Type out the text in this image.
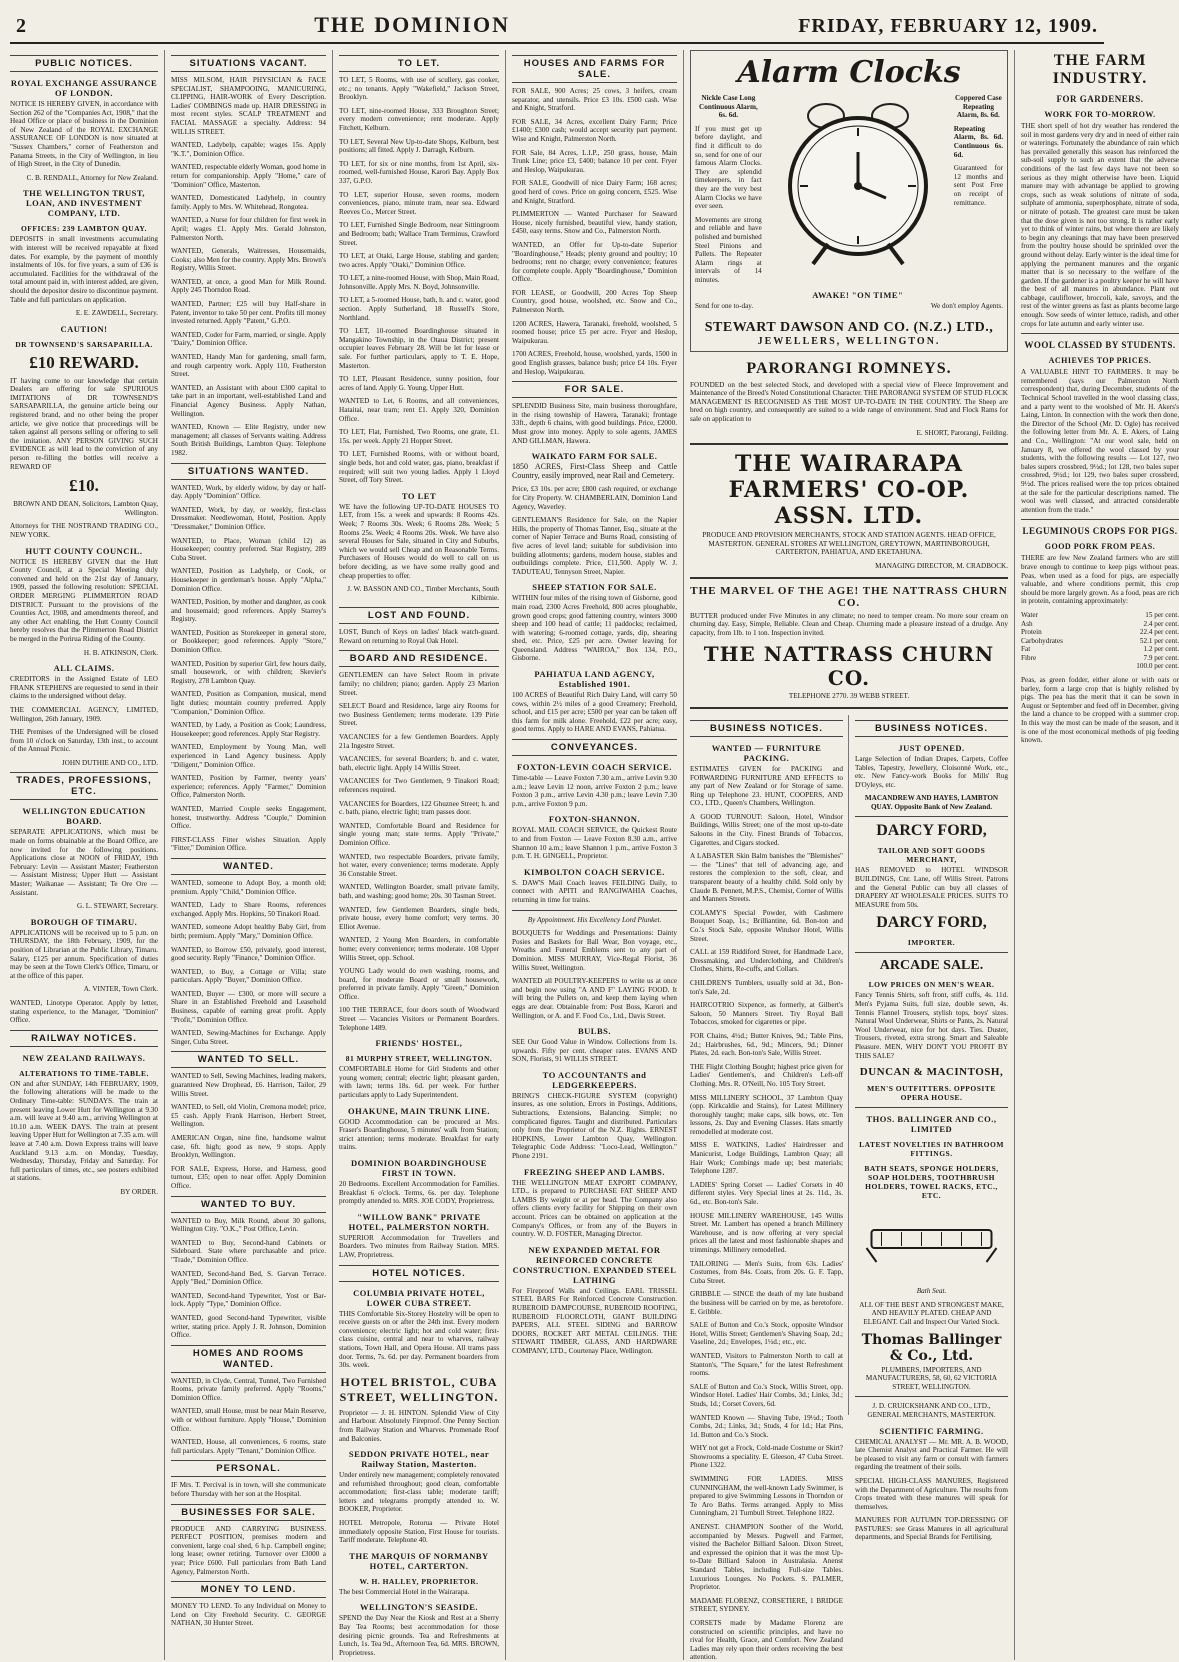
2	THE DOMINION	FRIDAY, FEBRUARY 12, 1909.
PUBLIC NOTICES.
ROYAL EXCHANGE ASSURANCE OF LONDON.

NOTICE IS HEREBY GIVEN, in accordance with Section 262 of the "Companies Act, 1908," that the Head Office or place of business in the Dominion of New Zealand of the ROYAL EXCHANGE ASSURANCE OF LONDON is now situated at "Sussex Chambers," corner of Featherston and Panama Streets, in the City of Wellington, in lieu of High Street, in the City of Dunedin.

C. B. RENDALL, Attorney for New Zealand.

THE WELLINGTON TRUST, LOAN, AND INVESTMENT COMPANY, LTD.
OFFICES: 239 LAMBTON QUAY.

DEPOSITS in small investments accumulating with interest will be received repayable at fixed dates. For example, by the payment of monthly instalments of 10s. for five years, a sum of £36 is accumulated. Facilities for the withdrawal of the total amount paid in, with interest added, are given, should the depositor desire to discontinue payment. Table and full particulars on application.

E. E. ZAWDELL, Secretary.

CAUTION!
DR TOWNSEND'S SARSAPARILLA.
£10 REWARD.

IT having come to our knowledge that certain Dealers are offering for sale SPURIOUS IMITATIONS of DR TOWNSEND'S SARSAPARILLA, the genuine article being our registered brand, and no other being the proper article, we give notice that proceedings will be taken against all persons selling or offering to sell the imitation. ANY PERSON GIVING SUCH EVIDENCE as will lead to the conviction of any person re-filling the bottles will receive a REWARD OF

£10.

BROWN AND DEAN, Solicitors, Lambton Quay, Wellington.

Attorneys for THE NOSTRAND TRADING CO., NEW YORK.

HUTT COUNTY COUNCIL.

NOTICE IS HEREBY GIVEN that the Hutt County Council, at a Special Meeting duly convened and held on the 21st day of January, 1909, passed the following resolution: SPECIAL ORDER MERGING PLIMMERTON ROAD DISTRICT. Pursuant to the provisions of the Counties Act, 1908, and amendments thereof, and any other Act enabling, the Hutt County Council hereby resolves that the Plimmerton Road District be merged in the Porirua Riding of the County.

H. B. ATKINSON, Clerk.

ALL CLAIMS.

CREDITORS in the Assigned Estate of LEO FRANK STEPHENS are requested to send in their claims to the undersigned without delay.

THE COMMERCIAL AGENCY, LIMITED, Wellington, 26th January, 1909.

THE Premises of the Undersigned will be closed from 10 o'clock on Saturday, 13th inst., to account of the Annual Picnic.

JOHN DUTHIE AND CO., LTD.

TRADES, PROFESSIONS, ETC.
WELLINGTON EDUCATION BOARD.

SEPARATE APPLICATIONS, which must be made on forms obtainable at the Board Office, are now invited for the following positions. Applications close at NOON of FRIDAY, 19th February: Levin — Assistant Master; Featherston — Assistant Mistress; Upper Hutt — Assistant Master; Waikanae — Assistant; Te Ore Ore — Assistant.

G. L. STEWART, Secretary.

BOROUGH OF TIMARU.

APPLICATIONS will be received up to 5 p.m. on THURSDAY, the 18th February, 1909, for the position of Librarian at the Public Library, Timaru. Salary, £125 per annum. Specification of duties may be seen at the Town Clerk's Office, Timaru, or at the office of this paper.

A. VINTER, Town Clerk.

WANTED, Linotype Operator. Apply by letter, stating experience, to the Manager, "Dominion" Office.

RAILWAY NOTICES.
NEW ZEALAND RAILWAYS.
ALTERATIONS TO TIME-TABLE.

ON and after SUNDAY, 14th FEBRUARY, 1909, the following alterations will be made to the Ordinary Time-table: SUNDAYS. The train at present leaving Lower Hutt for Wellington at 9.30 a.m. will leave at 9.40 a.m., arriving Wellington at 10.10 a.m. WEEK DAYS. The train at present leaving Upper Hutt for Wellington at 7.35 a.m. will leave at 7.40 a.m. Down Express trains will leave Auckland 9.13 a.m. on Monday, Tuesday, Wednesday, Thursday, Friday and Saturday. For full particulars of times, etc., see posters exhibited at stations.

BY ORDER.

SITUATIONS VACANT.

MISS MILSOM, HAIR PHYSICIAN & FACE SPECIALIST, SHAMPOOING, MANICURING, CLIPPING, HAIR-WORK of Every Description. Ladies' COMBINGS made up. HAIR DRESSING in most recent styles. SCALP TREATMENT and FACIAL MASSAGE a specialty. Address: 94 WILLIS STREET.

WANTED, Ladybelp, capable; wages 15s. Apply "K.T.", Dominion Office.

WANTED, respectable elderly Woman, good home in return for companionship. Apply "Home," care of "Dominion" Office, Masterton.

WANTED, Domesticated Ladyhelp, in country family. Apply to Mrs. W. Whitehead, Rongotea.

WANTED, a Nurse for four children for first week in April; wages £1. Apply Mrs. Gerald Johnston, Palmerston North.

WANTED, Generals, Waitresses, Housemaids, Cooks; also Men for the country. Apply Mrs. Brown's Registry, Willis Street.

WANTED, at once, a good Man for Milk Round. Apply 245 Thorndon Road.

WANTED, Partner; £25 will buy Half-share in Patent, inventor to take 50 per cent. Profits till money invested returned. Apply "Patent," G.P.O.

WANTED, Coder for Farm, married, or single. Apply "Dairy," Dominion Office.

WANTED, Handy Man for gardening, small farm, and rough carpentry work. Apply 110, Featherston Street.

WANTED, an Assistant with about £300 capital to take part in an important, well-established Land and Financial Agency Business. Apply Nathan, Wellington.

WANTED, Known — Elite Registry, under new management; all classes of Servants waiting. Address South British Buildings, Lambton Quay. Telephone 1982.

SITUATIONS WANTED.

WANTED, Work, by elderly widow, by day or half-day. Apply "Dominion" Office.

WANTED, Work, by day, or weekly, first-class Dressmaker. Needlewoman, Hotel, Position. Apply "Dressmaker," Dominion Office.

WANTED, to Place, Woman (child 12) as Housekeeper; country preferred. Star Registry, 289 Cuba Street.

WANTED, Position as Ladyhelp, or Cook, or Housekeeper in gentleman's house. Apply "Alpha," Dominion Office.

WANTED, Position, by mother and daughter, as cook and housemaid; good references. Apply Starrey's Registry.

WANTED, Position as Storekeeper in general store, or Bookkeeper; good references. Apply "Store," Dominion Office.

WANTED, Position by superior Girl, few hours daily, small housework, or with children; Skevier's Registry, 278 Lambton Quay.

WANTED, Position as Companion, musical, mend light duties; mountain country preferred. Apply "Companion," Dominion Office.

WANTED, by Lady, a Position as Cook; Laundress, Housekeeper; good references. Apply Star Registry.

WANTED, Employment by Young Man, well experienced in Land Agency business. Apply "Diligent," Dominion Office.

WANTED, Position by Farmer, twenty years' experience; references. Apply "Farmer," Dominion Office, Palmerston North.

WANTED, Married Couple seeks Engagement, honest, trustworthy. Address "Couple," Dominion Office.

FIRST-CLASS Fitter wishes Situation. Apply "Fitter," Dominion Office.

WANTED.

WANTED, someone to Adopt Boy, a month old; premium. Apply "Child," Dominion Office.

WANTED, Lady to Share Rooms, references exchanged. Apply Mrs. Hopkins, 50 Tinakori Road.

WANTED, someone Adopt healthy Baby Girl, from birth; premium. Apply "Mary," Dominion Office.

WANTED, to Borrow £50, privately, good interest, good security. Reply "Finance," Dominion Office.

WANTED, to Buy, a Cottage or Villa; state particulars. Apply "Buyer," Dominion Office.

WANTED, Buyer — £300, or more will secure a Share in an Established Freehold and Leasehold Business, capable of earning great profit. Apply "Profit," Dominion Office.

WANTED, Sewing-Machines for Exchange. Apply Singer, Cuba Street.

WANTED TO SELL.

WANTED to Sell, Sewing Machines, leading makers, guaranteed New Drophead, £6. Harrison, Tailor, 29 Willis Street.

WANTED, to Sell, old Violin, Cremona model; price, £5 cash. Apply Frank Harrison, Herbert Street, Wellington.

AMERICAN Organ, nine fine, handsome walnut case, 6ft. high; good as new, 9 stops. Apply Brooklyn, Wellington.

FOR SALE, Express, Horse, and Harness, good turnout, £35; open to near offer. Apply Dominion Office.

WANTED TO BUY.

WANTED to Buy, Milk Round, about 30 gallons, Wellington City. "O.K.," Post Office, Levin.

WANTED to Buy, Second-hand Cabinets or Sideboard. State where purchasable and price. "Trade," Dominion Office.

WANTED, Second-hand Bed, S. Garvan Terrace. Apply "Bed," Dominion Office.

WANTED, Second-hand Typewriter, Yost or Bar-lock. Apply "Type," Dominion Office.

WANTED, good Second-hand Typewriter, visible writer, stating price. Apply J. R. Johnson, Dominion Office.

HOMES AND ROOMS WANTED.

WANTED, in Clyde, Central, Tunnel, Two Furnished Rooms, private family preferred. Apply "Rooms," Dominion Office.

WANTED, small House, must be near Main Reserve, with or without furniture. Apply "House," Dominion Office.

WANTED, House, all conveniences, 6 rooms, state full particulars. Apply "Tenant," Dominion Office.

PERSONAL.

IF Mrs. T. Percival is in town, will she communicate before Thursday with her son at the Hospital.

BUSINESSES FOR SALE.

PRODUCE AND CARRYING BUSINESS. PERFECT POSITION, premises modern and convenient, large coal shed, 6 h.p. Campbell engine; long lease; owner retiring. Turnover over £3000 a year; Price £600. Full particulars from Bath Land Agency, Palmerston North.

MONEY TO LEND.

MONEY TO LEND. To any Individual on Money to Lend on City Freehold Security. C. GEORGE NATHAN, 30 Hunter Street.

TO LET.

TO LET, 5 Rooms, with use of scullery, gas cooker, etc.; no tenants. Apply "Wakefield," Jackson Street, Brooklyn.

TO LET, nine-roomed House, 333 Broughton Street; every modern convenience; rent moderate. Apply Fitchett, Kelburn.

TO LET, Several New Up-to-date Shops, Kelburn, best positions; all fitted. Apply J. Darragh, Kelburn.

TO LET, for six or nine months, from 1st April, six-roomed, well-furnished House, Karori Bay. Apply Box 337, G.P.O.

TO LET, superior House, seven rooms, modern conveniences, piano, minute tram, near sea. Edward Reeves Co., Mercer Street.

TO LET, Furnished Single Bedroom, near Sittingroom and Bedroom; bath; Wallace Tram Terminus, Crawford Street.

TO LET, at Otaki, Large House, stabling and garden; two acres. Apply "Otaki," Dominion Office.

TO LET, a nine-roomed House, with Shop, Main Road, Johnsonville. Apply Mrs. N. Boyd, Johnsonville.

TO LET, a 5-roomed House, bath, h. and c. water, good section. Apply Sutherland, 18 Russell's Store, Northland.

TO LET, 10-roomed Boardinghouse situated in Mangakino Township, in the Otaua District; present occupier leaves February 28. Will be let for lease or sale. For further particulars, apply to T. E. Hope, Masterton.

TO LET, Pleasant Residence, sunny position, four acres of land. Apply G. Young, Upper Hutt.

WANTED to Let, 6 Rooms, and all conveniences, Hataitai, near tram; rent £1. Apply 320, Dominion Office.

TO LET, Flat, Furnished, Two Rooms, one grate, £1. 15s. per week. Apply 21 Hopper Street.

TO LET, Furnished Rooms, with or without board, single beds, hot and cold water, gas, piano, breakfast if required; will suit two young ladies. Apply 1 Lloyd Street, off Tory Street.

TO LET

WE have the following UP-TO-DATE HOUSES TO LET, from 15s. a week and upwards: 8 Rooms 42s. Week; 7 Rooms 30s. Week; 6 Rooms 28s. Week; 5 Rooms 25s. Week; 4 Rooms 20s. Week. We have also several Houses for Sale, situated in City and Suburbs, which we would sell Cheap and on Reasonable Terms. Purchasers of Houses would do well to call on us before deciding, as we have some really good and cheap properties to offer.

J. W. BASSON AND CO., Timber Merchants, South Kilbirnie.

LOST AND FOUND.

LOST, Bunch of Keys on ladies' black watch-guard. Reward on returning to Royal Oak Hotel.

BOARD AND RESIDENCE.

GENTLEMEN can have Select Room in private family; no children; piano; garden. Apply 23 Marion Street.

SELECT Board and Residence, large airy Rooms for two Business Gentlemen; terms moderate. 139 Pirie Street.

VACANCIES for a few Gentlemen Boarders. Apply 21a Ingestre Street.

VACANCIES, for several Boarders; h. and c. water, bath, electric light. Apply 14 Willis Street.

VACANCIES for Two Gentlemen, 9 Tinakori Road; references required.

VACANCIES for Boarders, 122 Ghuznee Street; h. and c. bath, piano, electric light; tram passes door.

WANTED, Comfortable Board and Residence for single young man; state terms. Apply "Private," Dominion Office.

WANTED, two respectable Boarders, private family, hot water, every convenience; terms moderate. Apply 36 Constable Street.

WANTED, Wellington Boarder, small private family, bath, and washing; good home; 20s. 30 Tasman Street.

WANTED, few Gentlemen Boarders, single beds, private house, every home comfort; very terms. 30 Elliot Avenue.

WANTED, 2 Young Men Boarders, in comfortable home; every convenience; terms moderate. 108 Upper Willis Street, opp. School.

YOUNG Lady would do own washing, rooms, and board, for moderate Board or small housework, preferred in private family. Apply "Green," Dominion Office.

100 THE TERRACE, four doors south of Woodward Street — Vacancies Visitors or Permanent Boarders. Telephone 1489.

FRIENDS' HOSTEL,
81 MURPHY STREET, WELLINGTON.

COMFORTABLE Home for Girl Students and other young women; central; electric light; pleasant garden, with lawn; terms 18s. 6d. per week. For further particulars apply to Lady Superintendent.

OHAKUNE, MAIN TRUNK LINE.

GOOD Accommodation can be procured at Mrs. Fraser's Boardinghouse, 5 minutes' walk from Station; strict attention; terms moderate. Breakfast for early trains.

DOMINION BOARDINGHOUSE FIRST IN TOWN.

20 Bedrooms. Excellent Accommodation for Families. Breakfast 6 o'clock. Terms, 6s. per day. Telephone promptly attended to. MRS. JOE CODY, Proprietress.

"WILLOW BANK" PRIVATE HOTEL, PALMERSTON NORTH.

SUPERIOR Accommodation for Travellers and Boarders. Two minutes from Railway Station. MRS. LAW, Proprietress.

HOTEL NOTICES.
COLUMBIA PRIVATE HOTEL, LOWER CUBA STREET.

THIS Comfortable Six-Storey Hostelry will be open to receive guests on or after the 24th inst. Every modern convenience; electric light; hot and cold water; first-class cuisine, central and near to wharves, railway stations, Town Hall, and Opera House. All trams pass door. Terms, 7s. 6d. per day. Permanent boarders from 30s. week.

HOTEL BRISTOL, CUBA STREET, WELLINGTON.

Proprietor — J. H. HINTON. Splendid View of City and Harbour. Absolutely Fireproof. One Penny Section from Railway Station and Wharves. Promenade Roof and Balconies.

SEDDON PRIVATE HOTEL, near Railway Station, Masterton.

Under entirely new management; completely renovated and refurnished throughout; good clean, comfortable accommodation; first-class table; moderate tariff; letters and telegrams promptly attended to. W. BOOKER, Proprietor.

HOTEL Metropole, Rotorua — Private Hotel immediately opposite Station, First House for tourists. Tariff moderate. Telephone 40.

THE MARQUIS OF NORMANBY HOTEL, CARTERTON.
W. H. HALLEY, PROPRIETOR.

The best Commercial Hotel in the Wairarapa.

WELLINGTON'S SEASIDE.

SPEND the Day Near the Kiosk and Rest at a Sherry Bay Tea Rooms; best accommodation for those desiring picnic grounds. Tea and Refreshments at Lunch, 1s. Tea 9d., Afternoon Tea, 6d. MRS. BROWN, Proprietress.

HOUSES AND FARMS FOR SALE.

FOR SALE, 900 Acres; 25 cows, 3 heifers, cream separator, and utensils. Price £3 10s. £500 cash. Wise and Knight, Stratford.

FOR SALE, 34 Acres, excellent Dairy Farm; Price £1400; £300 cash; would accept security part payment. Wise and Knight, Palmerston North.

FOR Sale, 84 Acres, L.I.P., 250 grass, house, Main Trunk Line; price £3, £400; balance 10 per cent. Fryer and Heslop, Waipukurau.

FOR SALE, Goodwill of nice Dairy Farm; 168 acres; good herd of cows. Price on going concern, £525. Wise and Knight, Stratford.

PLIMMERTON — Wanted Purchaser for Seaward House, nicely furnished, beautiful view, handy station, £450, easy terms. Snow and Co., Palmerston North.

WANTED, an Offer for Up-to-date Superior "Boardinghouse," Heads; plenty ground and poultry; 10 bedrooms; rent no charge; every convenience; features for complete couple. Apply "Boardinghouse," Dominion Office.

FOR LEASE, or Goodwill, 200 Acres Top Sheep Country, good house, woolshed, etc. Snow and Co., Palmerston North.

1200 ACRES, Hawera, Taranaki, freehold, woolshed, 5 roomed house; price £5 per acre. Fryer and Heslop, Waipukurau.

1700 ACRES, Freehold, house, woolshed, yards, 1500 in good English grasses, balance bush; price £4 10s. Fryer and Heslop, Waipukurau.

FOR SALE.

SPLENDID Business Site, main business thoroughfare, in the rising township of Hawera, Taranaki; frontage 33ft., depth 6 chains, with good buildings. Price, £2000. Must grow into money. Apply to sole agents, JAMES AND GILLMAN, Hawera.

WAIKATO FARM FOR SALE.

1850 ACRES, First-Class Sheep and Cattle Country, easily improved, near Rail and Cemetery.

Price, £3 10s. per acre; £800 cash required, or exchange for City Property. W. CHAMBERLAIN, Dominion Land Agency, Waverley.

GENTLEMAN'S Residence for Sale, on the Napier Hills, the property of Thomas Tanner, Esq., situate at the corner of Napier Terrace and Burns Road, consisting of five acres of level land; suitable for subdivision into building allotments; gardens, modern house, stables and outbuildings complete. Price, £11,500. Apply W. J. TADUTEAU, Tennyson Street, Napier.

SHEEP STATION FOR SALE.

WITHIN four miles of the rising town of Gisborne, good main road, 2300 Acres Freehold, 800 acres ploughable, grown good crops; good fattening country, winters 3000 sheep and 100 head of cattle; 11 paddocks; reclaimed, with watering; 6-roomed cottage, yards, dip, shearing shed, etc. Price, £25 per acre. Owner leaving for Queensland. Address "WAIROA," Box 134, P.O., Gisborne.

PAHIATUA LAND AGENCY, Established 1901.

100 ACRES of Beautiful Rich Dairy Land, will carry 50 cows, within 2½ miles of a good Creamery; Freehold, school, and £15 per acre; £500 per year can be taken off this farm for milk alone. Freehold, £22 per acre; easy, good terms. Apply to HARE AND EVANS, Pahiatua.

CONVEYANCES.
FOXTON-LEVIN COACH SERVICE.

Time-table — Leave Foxton 7.30 a.m., arrive Levin 9.30 a.m.; leave Levin 12 noon, arrive Foxton 2 p.m.; leave Foxton 3 p.m., arrive Levin 4.30 p.m.; leave Levin 7.30 p.m., arrive Foxton 9 p.m.

FOXTON-SHANNON.

ROYAL MAIL COACH SERVICE, the Quickest Route to and from Foxton — Leave Foxton 8.30 a.m., arrive Shannon 10 a.m.; leave Shannon 1 p.m., arrive Foxton 3 p.m. T. H. GINGELL, Proprietor.

KIMBOLTON COACH SERVICE.

S. DAW'S Mail Coach leaves FEILDING Daily, to connect with APITI and RANGIWAHIA Coaches, returning in time for trains.

By Appointment. His Excellency Lord Plunket.

BOUQUETS for Weddings and Presentations: Dainty Posies and Baskets for Ball Wear, Bon voyage, etc., Wreaths and Funeral Emblems sent to any part of Dominion. MISS MURRAY, Vice-Regal Florist, 36 Willis Street, Wellington.

WANTED all POULTRY-KEEPERS to write us at once and begin now using "A AND F" LAYING FOOD. It will bring the Pullets on, and keep them laying when eggs are dear. Obtainable from: Post Boss, Karori and Wellington, or A. and F. Food Co., Ltd., Davis Street.

BULBS.

SEE Our Good Value in Window. Collections from 1s. upwards. Fifty per cent. cheaper rates. EVANS AND SON, Florists, 91 WILLIS STREET.

TO ACCOUNTANTS and LEDGERKEEPERS.

BRING'S CHECK-FIGURE SYSTEM (copyright) insures, as one solution, Errors in Postings, Additions, Subtractions, Extensions, Balancing. Simple; no complicated figures. Taught and distributed. Particulars only from the Proprietor of the N.Z. Rights. ERNEST HOPKINS, Lower Lambton Quay, Wellington. Telegraphic Code Address: "Loco-Lead, Wellington." Phone 2191.

FREEZING SHEEP AND LAMBS.

THE WELLINGTON MEAT EXPORT COMPANY, LTD., is prepared to PURCHASE FAT SHEEP AND LAMBS By weight or at per head. The Company also offers clients every facility for Shipping on their own account. Prices can be obtained on application at the Company's Offices, or from any of the Buyers in country. W. D. FOSTER, Managing Director.

NEW EXPANDED METAL FOR REINFORCED CONCRETE CONSTRUCTION. EXPANDED STEEL LATHING

For Fireproof Walls and Ceilings. EARL TRISSEL STEEL BARS For Reinforced Concrete Construction. RUBEROID DAMPCOURSE, RUBEROID ROOFING, RUBEROID FLOORCLOTH, GIANT BUILDING PAPERS, ALL STEEL SIDING and BARROW DOORS, ROCKET ART METAL CEILINGS. THE STEWART TIMBER, GLASS, AND HARDWARE COMPANY, LTD., Courtenay Place, Wellington.

Alarm Clocks

Nickle Case Long Continuous Alarm, 6s. 6d.

If you must get up before daylight, and find it difficult to do so, send for one of our famous Alarm Clocks. They are splendid timekeepers, in fact they are the very best Alarm Clocks we have ever seen.

Movements are strong and reliable and have polished and burnished Steel Pinions and Pallets. The Repeater Alarm rings at intervals of 14 minutes.

AWAKE! "ON TIME"

Coppered Case Repeating Alarm, 8s. 6d.

Repeating Alarm, 8s. 6d. Continuous 6s. 6d.

Guaranteed for 12 months and sent Post Free on receipt of remittance.

Send for one to-day.	We don't employ Agents.
STEWART DAWSON AND CO. (N.Z.) LTD.,
JEWELLERS, WELLINGTON.
PARORANGI ROMNEYS.

FOUNDED on the best selected Stock, and developed with a special view of Fleece Improvement and Maintenance of the Breed's Noted Constitutional Character. THE PARORANGI SYSTEM OF STUD FLOCK MANAGEMENT IS RECOGNISED AS THE MOST UP-TO-DATE IN THE COUNTRY. The Sheep are bred on high country, and consequently are suited to a wide range of environment. Stud and Flock Rams for sale on application to

E. SHORT, Parorangi, Feilding.

THE WAIRARAPA FARMERS' CO-OP. ASSN. LTD.

PRODUCE AND PROVISION MERCHANTS, STOCK AND STATION AGENTS. HEAD OFFICE, MASTERTON. GENERAL STORES AT WELLINGTON, GREYTOWN, MARTINBOROUGH, CARTERTON, PAHIATUA, AND EKETAHUNA.

MANAGING DIRECTOR, M. CRADBOCK.

THE MARVEL OF THE AGE! THE NATTRASS CHURN CO.

BUTTER produced under Five Minutes in any climate; no need to temper cream. No more sour cream on churning day. Easy, Simple, Reliable. Clean and Cheap. Churning made a pleasure instead of a drudge. Any capacity, from 1lb. to 1 ton. Inspection invited.

THE NATTRASS CHURN CO.

TELEPHONE 2770. 39 WEBB STREET.

BUSINESS NOTICES.
WANTED — FURNITURE PACKING.

ESTIMATES GIVEN for PACKING and FORWARDING FURNITURE AND EFFECTS to any part of New Zealand or for Storage of same. Ring up Telephone 23. HUNT, COOPERS, AND CO., LTD., Queen's Chambers, Wellington.

A GOOD TURNOUT: Saloon, Hotel, Windsor Buildings, Willis Street; one of the most up-to-date Saloons in the City. Finest Brands of Tobaccos, Cigarettes, and Cigars stocked.

A LABASTER Skin Balm banishes the "Blemishes" — the "Lines" that tell of advancing age, and restores the complexion to the soft, clear, and transparent beauty of a healthy child. Sold only by Claude B. Pennett, M.P.S., Chemist, Corner of Willis and Manners Streets.

COLAMY'S Special Powder, with Cashmere Bouquet Soap, 1s.; Brilliantine, 6d. Bon-ton and Co.'s Stock Sale, opposite Windsor Hotel, Willis Street.

CALL at 159 Riddiford Street, for Handmade Lace, Dressmaking, and Underclothing, and Children's Clothes, Shirts, Re-cuffs, and Collars.

CHILDREN'S Tumblers, usually sold at 3d., Bon-ton's Sale, 2d.

HAIRCOTRIO Sixpence, as formerly, at Gilbert's Saloon, 50 Manners Street. Try Royal Ball Tobaccos, smoked for cigarettes or pipe.

FOR Chains, 4½d.; Butter Knives, 9d.; Table Pins, 2d.; Hairbrushes, 6d., 9d.; Mincers, 9d.; Dinner Plates, 2d. each. Bon-ton's Sale, Willis Street.

THE Flight Clothing Bought; highest price given for Ladies' Gentlemen's, and Children's Left-off Clothing. Mrs. R. O'Neill, No. 105 Tory Street.

MISS MILLINERY SCHOOL, 37 Lambton Quay (opp. Kirkcaldie and Stains), for Latest Millinery thoroughly taught; make caps, silk bows, etc. Ten lessons, 2s. Day and Evening Classes. Hats smartly remodelled at moderate cost.

MISS E. WATKINS, Ladies' Hairdresser and Manicurist, Lodge Buildings, Lambton Quay; all Hair Work; Combings made up; best materials; Telephone 1287.

LADIES' Spring Corset — Ladies' Corsets in 40 different styles. Very Special lines at 2s. 11d., 3s. 6d., etc. Bon-ton's Sale.

HOUSE MILLINERY WAREHOUSE, 145 Willis Street. Mr. Lambert has opened a branch Millinery Warehouse, and is now offering at very special prices all the latest and most fashionable shapes and trimmings. Millinery remodelled.

TAILORING — Men's Suits, from 63s. Ladies' Costumes, from 84s. Coats, from 20s. G. F. Tapp, Cuba Street.

GRIBBLE — SINCE the death of my late husband the business will be carried on by me, as heretofore. E. Gribble.

SALE of Button and Co.'s Stock, opposite Windsor Hotel, Willis Street; Gentlemen's Shaving Soap, 2d.; Vaseline, 2d.; Envelopes, 1½d.; etc., etc.

WANTED, Visitors to Palmerston North to call at Stanton's, "The Square," for the latest Refreshment rooms.

SALE of Button and Co.'s Stock, Willis Street, opp. Windsor Hotel. Ladies' Hair Combs, 3d.; Links, 3d.; Studs, 1d.; Corset Covers, 6d.

WANTED Known — Shaving Tube, 19½d.; Tooth Combs, 2d.; Links, 3d.; Studs, 4 for 1d.; Hat Pins, 1d. Button and Co.'s Stock.

WHY not get a Frock, Cold-made Costume or Skirt? Showrooms a speciality. E. Gleeson, 47 Cuba Street. Phone 1322.

SWIMMING FOR LADIES. MISS CUNNINGHAM, the well-known Lady Swimmer, is prepared to give Swimming Lessons in Thorndon or Te Aro Baths. Terms arranged. Apply to Miss Cunningham, 21 Turnbull Street. Telephone 1822.

ANENST. CHAMPION Soother of the World, accompanied by Messrs. Pugwell and Farmer, visited the Bachelor Billiard Saloon. Dixon Street, and expressed the opinion that it was the most Up-to-Date Billiard Saloon in Australasia. Anenst Standard Tables, including Full-size Tables. Luxurious Lounges. No Pockets. S. PALMER, Proprietor.

MADAME FLORENZ, CORSETIERE, 1 BRIDGE STREET, SYDNEY.

CORSETS made by Madame Florenz are constructed on scientific principles, and have no rival for Health, Grace, and Comfort. New Zealand Ladies may rely upon their orders receiving the best attention.

BUSINESS NOTICES.
JUST OPENED.

Large Selection of Indian Drapes, Carpets, Coffee Tables, Tapestry, Jewellery, Cloisonné Work, etc., etc. New Fancy-work Books for Mills' Rug D'Oyleys, etc.

MACANDREW AND HAYES, LAMBTON QUAY. Opposite Bank of New Zealand.

DARCY FORD,
TAILOR AND SOFT GOODS MERCHANT,

HAS REMOVED to HOTEL WINDSOR BUILDINGS, Cnr. Lane, off Willis Street. Patrons and the General Public can buy all classes of DRAPERY AT WHOLESALE PRICES. SUITS TO MEASURE from 50s.

DARCY FORD,
IMPORTER.
ARCADE SALE.
LOW PRICES ON MEN'S WEAR.

Fancy Tennis Shirts, soft front, stiff cuffs, 4s. 11d. Men's Pyjama Suits, full size, double sewn, 4s. Tennis Flannel Trousers, stylish tops, boys' sizes. Natural Wool Underwear, Shirts or Pants, 2s. Natural Wool Underwear, nice for hot days. Ties. Duster, Trousers, riveted, extra strong. Smart and Saleable Pleasure. MEN, WHY DON'T YOU PROFIT BY THIS SALE?

DUNCAN & MACINTOSH,
MEN'S OUTFITTERS. OPPOSITE OPERA HOUSE.
THOS. BALLINGER AND CO., LIMITED
LATEST NOVELTIES IN BATHROOM FITTINGS.
BATH SEATS, SPONGE HOLDERS, SOAP HOLDERS, TOOTHBRUSH HOLDERS, TOWEL RACKS, ETC., ETC.

Bath Seat.

ALL OF THE BEST AND STRONGEST MAKE, AND HEAVILY PLATED. CHEAP AND ELEGANT. Call and Inspect Our Varied Stock.

Thomas Ballinger & Co., Ltd.

PLUMBERS, IMPORTERS, AND MANUFACTURERS, 58, 60, 62 VICTORIA STREET, WELLINGTON.

J. D. CRUICKSHANK AND CO., LTD., GENERAL MERCHANTS, MASTERTON.

SCIENTIFIC FARMING.

CHEMICAL ANALYST — Mr. MR. A. B. WOOD, late Chemist Analyst and Practical Farmer. He will be pleased to visit any farm or consult with farmers regarding the treatment of their soils.

SPECIAL HIGH-CLASS MANURES, Registered with the Department of Agriculture. The results from Crops treated with these manures will speak for themselves.

MANURES FOR AUTUMN TOP-DRESSING OF PASTURES: see Grass Manures in all agricultural departments, and Special Brands for Fertilising.

THE FARM INDUSTRY.
FOR GARDENERS.
WORK FOR TO-MORROW.

THE short spell of hot dry weather has rendered the soil in most gardens very dry and in need of either rain or waterings. Fortunately the abundance of rain which has prevailed generally this season has reinforced the sub-soil supply to such an extent that the adverse conditions of the last few days have not been so serious as they might otherwise have been. Liquid manure may with advantage be applied to growing crops, such as weak solutions of nitrate of soda, sulphate of ammonia, superphosphate, nitrate of soda, or nitrate of potash. The greatest care must be taken that the dose given is not too strong. It is rather early yet to think of winter rains, but where there are likely to begin any cleanings that may have been preserved from the poultry house should be sprinkled over the ground without delay. Early winter is the ideal time for applying the permanent manures and the organic matter that is so necessary to the welfare of the garden. If the gardener is a poultry keeper he will have the best of all manures in abundance. Plant out cabbage, cauliflower, broccoli, kale, savoys, and the rest of the winter greens as fast as plants become large enough. Sow seeds of winter lettuce, radish, and other crops for late autumn and early winter use.

WOOL CLASSED BY STUDENTS.
ACHIEVES TOP PRICES.

A VALUABLE HINT TO FARMERS. It may be remembered (says our Palmerston North correspondent) that, during December, students of the Technical School travelled in the wool classing class, and a party went to the woolshed of Mr. H. Akers's Laing, Linton. In connection with the work then done, the Director of the School (Mr. D. Ogle) has received the following letter from Mr. A. E. Akers, of Laing and Co., Wellington: "At our wool sale, held on January 8, we offered the wool classed by your students, with the following results — Lot 127, two bales supers crossbred, 9½d.; lot 128, two bales super crossbred, 9½d.; lot 129, two bales super crossbred, 9½d. The prices realised were the top prices obtained at the sale for the particular descriptions named. The wool was well classed, and attracted considerable attention from the trade."

LEGUMINOUS CROPS FOR PIGS.
GOOD PORK FROM PEAS.

THERE are few New Zealand farmers who are still brave enough to continue to keep pigs without peas. Peas, when used as a food for pigs, are especially valuable, and where conditions permit, this crop should be more largely grown. As a food, peas are rich in protein, containing approximately:

Water	15 per cent.
Ash	2.4 per cent.
Protein	22.4 per cent.
Carbohydrates	52.1 per cent.
Fat	1.2 per cent.
Fibre	7.9 per cent.

100.0 per cent.

Peas, as green fodder, either alone or with oats or barley, form a large crop that is highly relished by pigs. The pea has the merit that it can be sown in August or September and feed off in December, giving the land a chance to be cropped with a summer crop. In this way the most can be made of the season, and it is one of the most economical methods of pig feeding known.
